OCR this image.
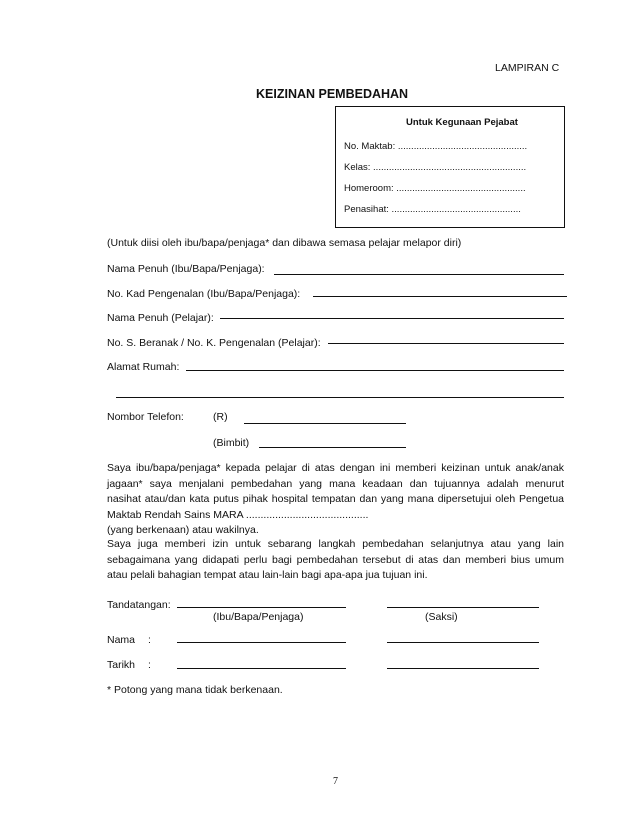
LAMPIRAN C
KEIZINAN PEMBEDAHAN
Untuk Kegunaan Pejabat
No. Maktab: .................................................
Kelas: ..........................................................
Homeroom: .................................................
Penasihat: .................................................
(Untuk diisi oleh ibu/bapa/penjaga* dan dibawa semasa pelajar melapor diri)
Nama Penuh (Ibu/Bapa/Penjaga):
No. Kad Pengenalan (Ibu/Bapa/Penjaga):
Nama Penuh (Pelajar):
No. S. Beranak / No. K. Pengenalan (Pelajar):
Alamat Rumah:
Nombor Telefon:	(R)
(Bimbit)
Saya ibu/bapa/penjaga* kepada pelajar di atas dengan ini memberi keizinan untuk anak/anak
jagaan* saya menjalani pembedahan yang mana keadaan dan tujuannya adalah menurut
nasihat atau/dan kata putus pihak hospital tempatan dan yang mana dipersetujui oleh Pengetua
Maktab Rendah Sains MARA ..........................................
(yang berkenaan) atau wakilnya.
Saya juga memberi izin untuk sebarang langkah pembedahan selanjutnya atau yang lain
sebagaimana yang didapati perlu bagi pembedahan tersebut di atas dan memberi bius umum
atau pelali bahagian tempat atau lain-lain bagi apa-apa jua tujuan ini.
Tandatangan:
(Ibu/Bapa/Penjaga)	(Saksi)
Nama :
Tarikh :
* Potong yang mana tidak berkenaan.
7
